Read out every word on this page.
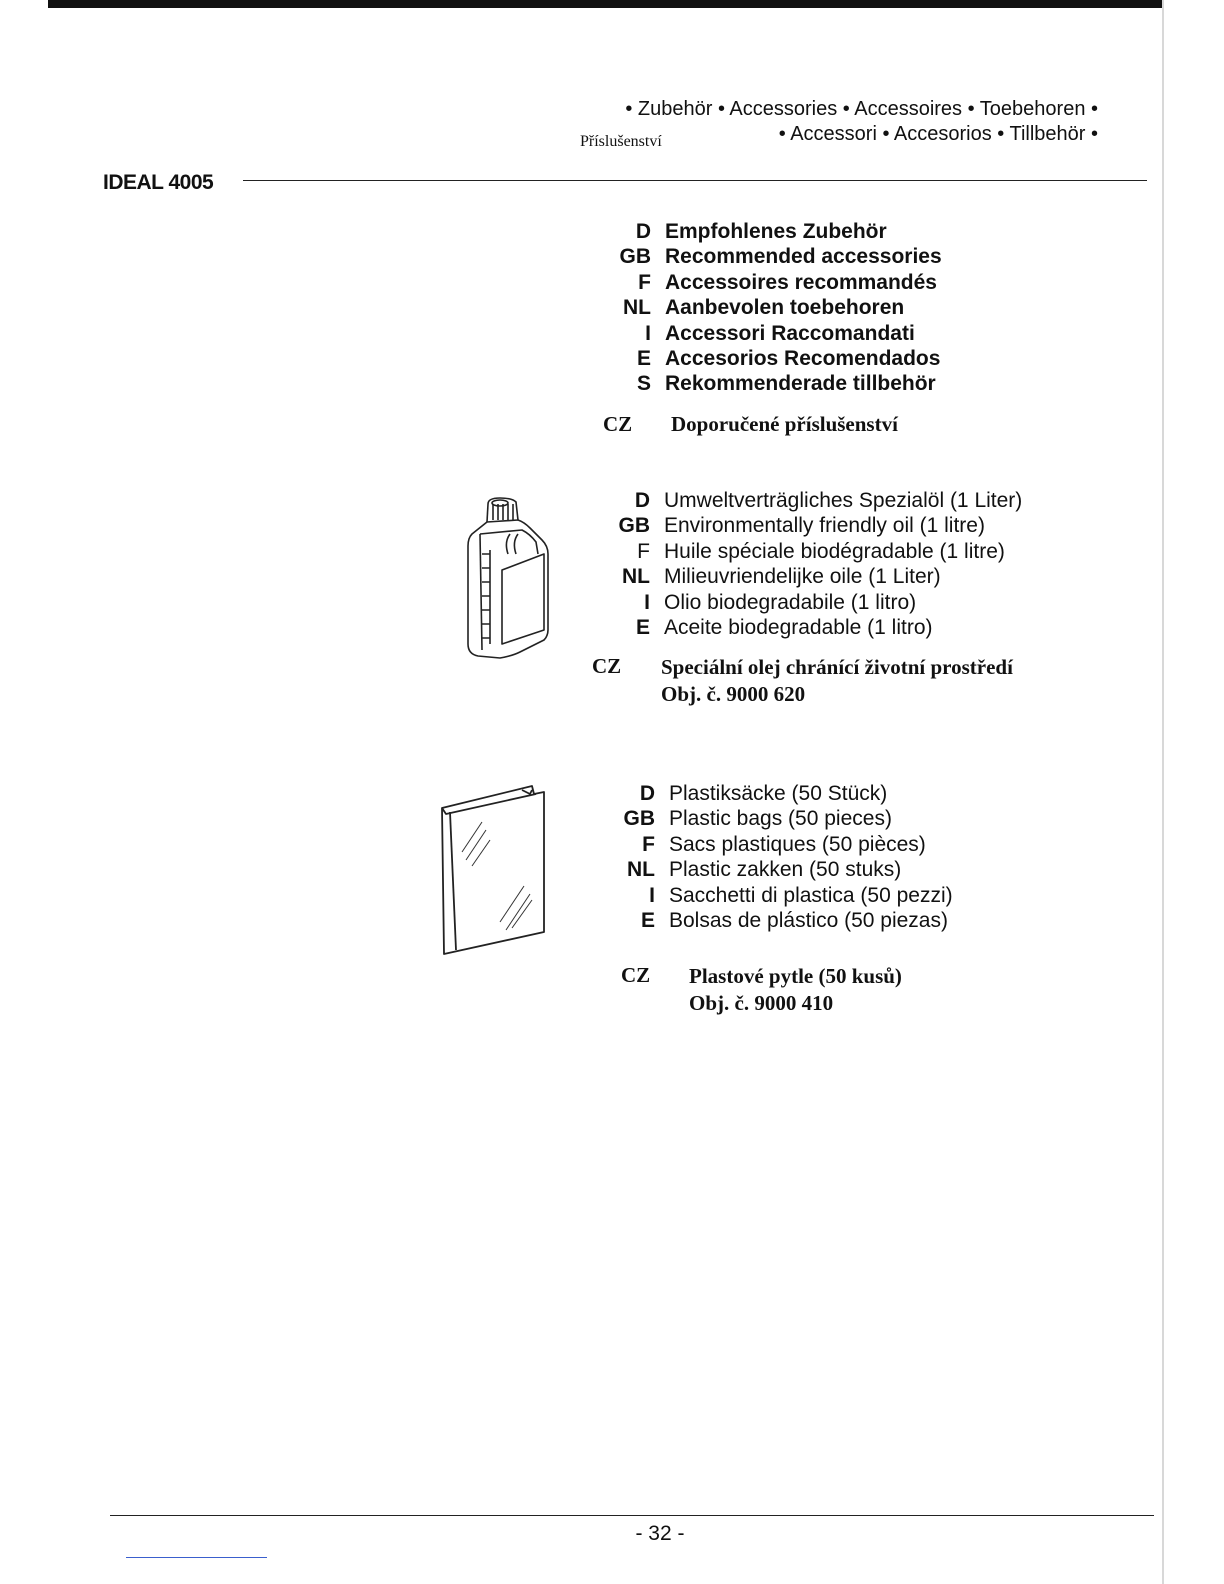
• Zubehör • Accessories • Accessoires • Toebehoren •
Příslušenství	• Accessori • Accesorios • Tillbehör •
IDEAL 4005
D Empfohlenes Zubehör
GB Recommended accessories
F Accessoires recommandés
NL Aanbevolen toebehoren
I Accessori Raccomandati
E Accesorios Recomendados
S Rekommenderade tillbehör
CZ Doporučené příslušenství
D Umweltverträgliches Spezialöl (1 Liter)
GB Environmentally friendly oil (1 litre)
F Huile spéciale biodégradable (1 litre)
NL Milieuvriendelijke oile (1 Liter)
I Olio biodegradabile (1 litro)
E Aceite biodegradable (1 litro)
CZ Speciální olej chránící životní prostředí
Obj. č. 9000 620
D Plastiksäcke (50 Stück)
GB Plastic bags (50 pieces)
F Sacs plastiques (50 pièces)
NL Plastic zakken (50 stuks)
I Sacchetti di plastica (50 pezzi)
E Bolsas de plástico (50 piezas)
CZ Plastové pytle (50 kusů)
Obj. č. 9000 410
- 32 -
